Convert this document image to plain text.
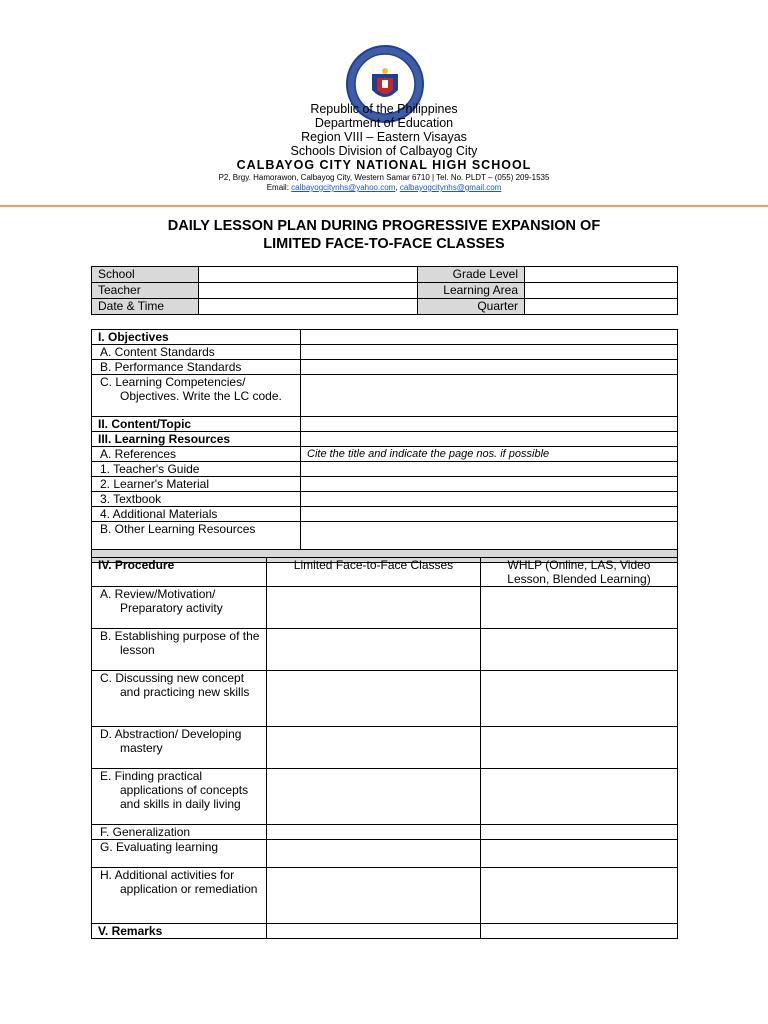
Republic of the Philippines
Department of Education
Region VIII – Eastern Visayas
Schools Division of Calbayog City
CALBAYOG CITY NATIONAL HIGH SCHOOL
P2, Brgy. Hamorawon, Calbayog City, Western Samar 6710 | Tel. No. PLDT – (055) 209-1535
Email: calbayogcitynhs@yahoo.com, calbayogcitynhs@gmail.com
DAILY LESSON PLAN DURING PROGRESSIVE EXPANSION OF
LIMITED FACE-TO-FACE CLASSES
School		Grade Level	
Teacher		Learning Area	
Date & Time		Quarter	
I. Objectives	
A. Content Standards	
B. Performance Standards	
C. Learning Competencies/ Objectives. Write the LC code.	
II. Content/Topic	
III. Learning Resources	
A. References	Cite the title and indicate the page nos. if possible
1. Teacher's Guide	
2. Learner's Material	
3. Textbook	
4. Additional Materials	
B. Other Learning Resources	

IV. Procedure	Limited Face-to-Face Classes	WHLP (Online, LAS, Video Lesson, Blended Learning)
A. Review/Motivation/ Preparatory activity		
B. Establishing purpose of the lesson		
C. Discussing new concept and practicing new skills		
D. Abstraction/ Developing mastery		
E. Finding practical applications of concepts and skills in daily living		
F. Generalization		
G. Evaluating learning		
H. Additional activities for application or remediation		
V. Remarks		
